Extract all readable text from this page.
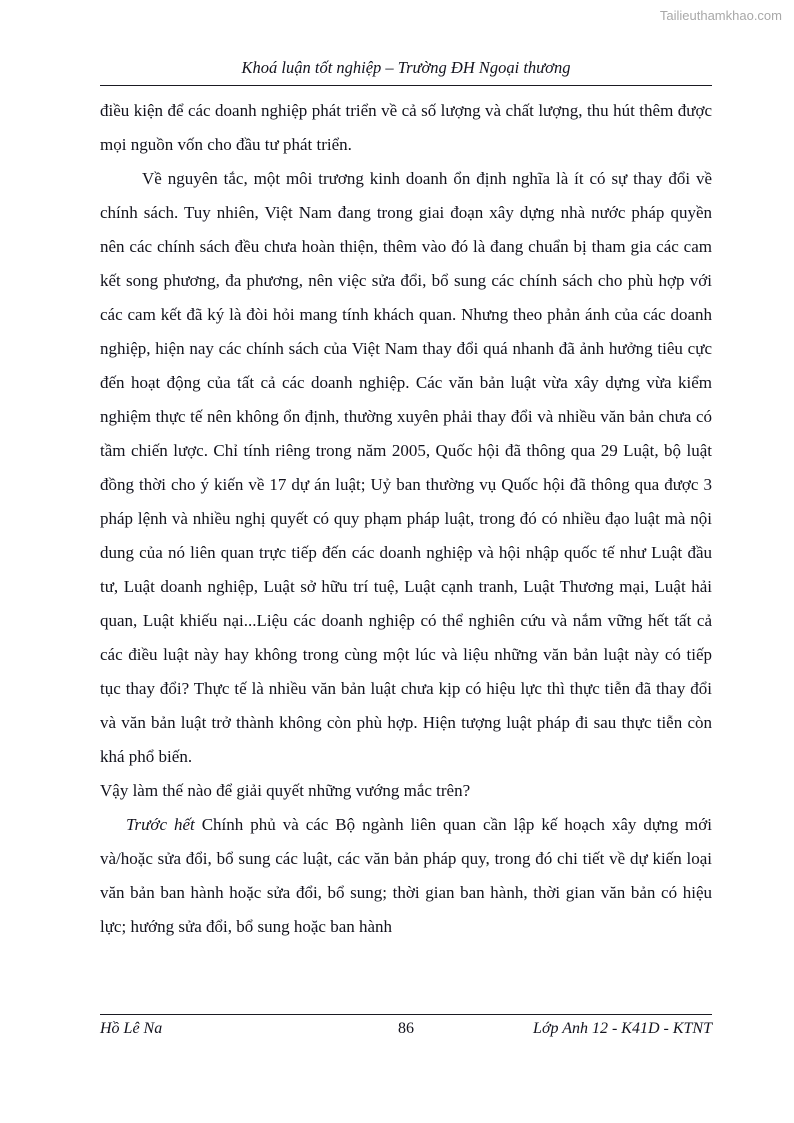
Tailieuthamkhao.com
Khoá luận tốt nghiệp – Trường ĐH Ngoại thương

điều kiện để các doanh nghiệp phát triển về cả số lượng và chất lượng, thu hút thêm được mọi nguồn vốn cho đầu tư phát triển.

Về nguyên tắc, một môi trương kinh doanh ổn định nghĩa là ít có sự thay đổi về chính sách. Tuy nhiên, Việt Nam đang trong giai đoạn xây dựng nhà nước pháp quyền nên các chính sách đều chưa hoàn thiện, thêm vào đó là đang chuẩn bị tham gia các cam kết song phương, đa phương, nên việc sửa đổi, bổ sung các chính sách cho phù hợp với các cam kết đã ký là đòi hỏi mang tính khách quan. Nhưng theo phản ánh của các doanh nghiệp, hiện nay các chính sách của Việt Nam thay đổi quá nhanh đã ảnh hưởng tiêu cực đến hoạt động của tất cả các doanh nghiệp. Các văn bản luật vừa xây dựng vừa kiểm nghiệm thực tế nên không ổn định, thường xuyên phải thay đổi và nhiều văn bản chưa có tầm chiến lược. Chỉ tính riêng trong năm 2005, Quốc hội đã thông qua 29 Luật, bộ luật đồng thời cho ý kiến về 17 dự án luật; Uỷ ban thường vụ Quốc hội đã thông qua được 3 pháp lệnh và nhiều nghị quyết có quy phạm pháp luật, trong đó có nhiều đạo luật mà nội dung của nó liên quan trực tiếp đến các doanh nghiệp và hội nhập quốc tế như Luật đầu tư, Luật doanh nghiệp, Luật sở hữu trí tuệ, Luật cạnh tranh, Luật Thương mại, Luật hải quan, Luật khiếu nại...Liệu các doanh nghiệp có thể nghiên cứu và nắm vững hết tất cả các điều luật này hay không trong cùng một lúc và liệu những văn bản luật này có tiếp tục thay đổi? Thực tế là nhiều văn bản luật chưa kịp có hiệu lực thì thực tiễn đã thay đổi và văn bản luật trở thành không còn phù hợp. Hiện tượng luật pháp đi sau thực tiễn còn khá phổ biến.

Vậy làm thế nào để giải quyết những vướng mắc trên?

Trước hết Chính phủ và các Bộ ngành liên quan cần lập kế hoạch xây dựng mới và/hoặc sửa đổi, bổ sung các luật, các văn bản pháp quy, trong đó chi tiết về dự kiến loại văn bản ban hành hoặc sửa đổi, bổ sung; thời gian ban hành, thời gian văn bản có hiệu lực; hướng sửa đổi, bổ sung hoặc ban hành

Hồ Lê Na	86	Lớp Anh 12 - K41D - KTNT
